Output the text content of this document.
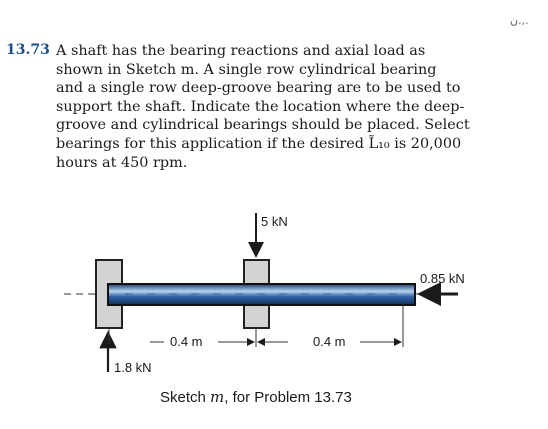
ن.,.
13.73 A shaft has the bearing reactions and axial load as
shown in Sketch m. A single row cylindrical bearing
and a single row deep-groove bearing are to be used to
support the shaft. Indicate the location where the deep-
groove and cylindrical bearings should be placed. Select
bearings for this application if the desired L̃₁₀ is 20,000
hours at 450 rpm.
5 kN
0.85 kN
1.8 kN
0.4 m	0.4 m
Sketch m, for Problem 13.73
